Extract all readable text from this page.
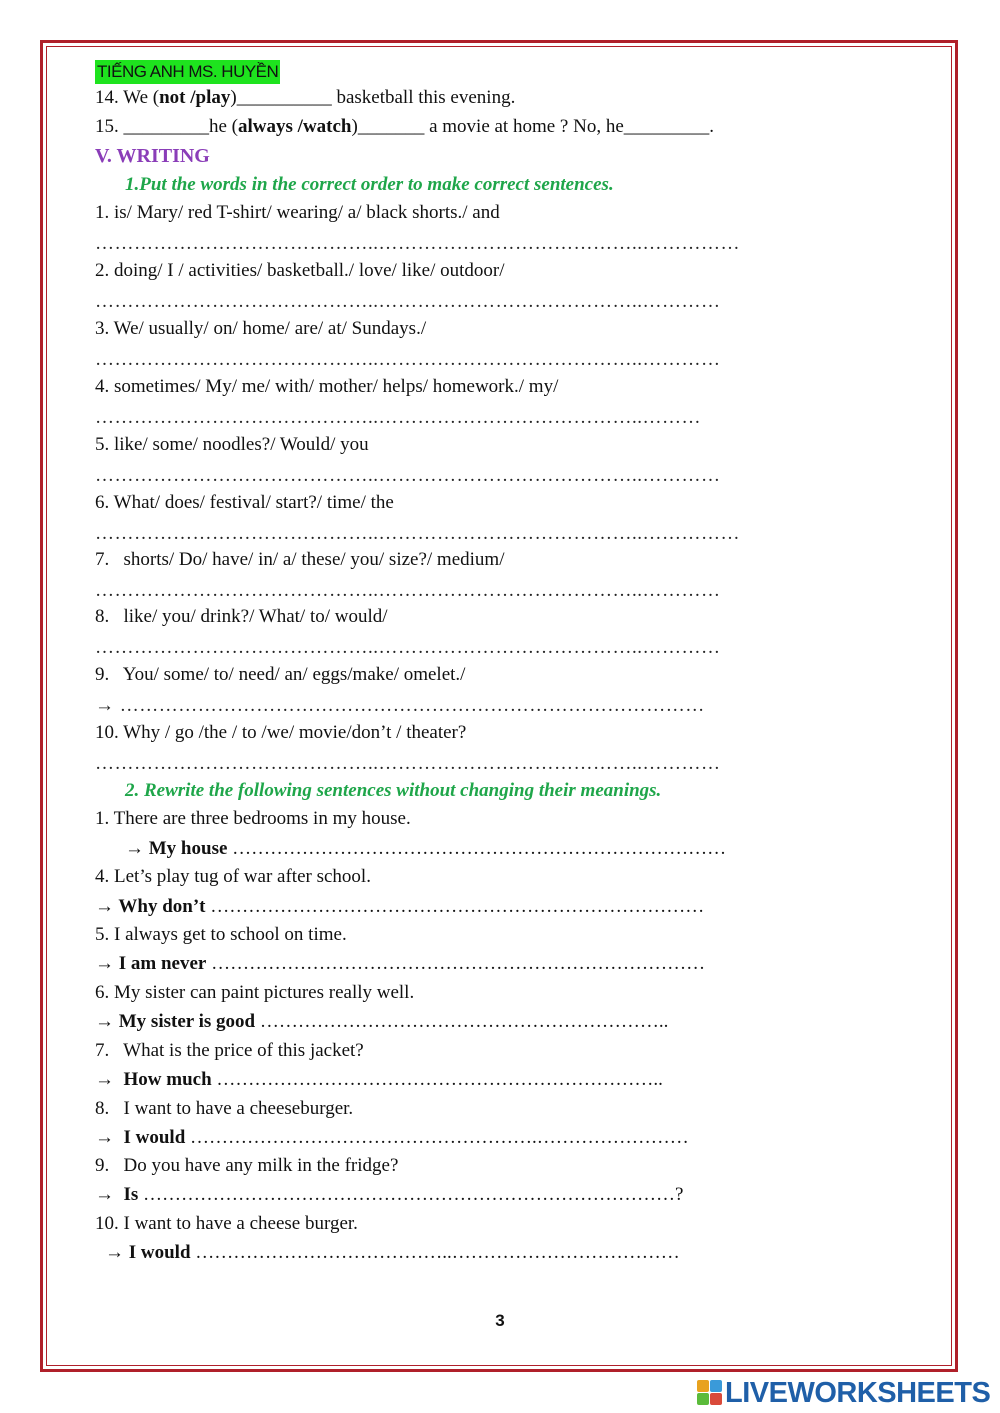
TIẾNG ANH MS. HUYỀN
14. We (not /play)__________ basketball this evening.
15. _________he (always /watch)_______ a movie at home ? No, he_________.
V. WRITING
1.Put the words in the correct order to make correct sentences.
1. is/ Mary/ red T-shirt/ wearing/ a/ black shorts./ and
……………………………………..…………………………………..……………
2. doing/ I / activities/ basketball./ love/ like/ outdoor/
……………………………………..…………………………………..…………
3. We/ usually/ on/ home/ are/ at/ Sundays./
……………………………………..…………………………………..…………
4. sometimes/ My/ me/ with/ mother/ helps/ homework./ my/
……………………………………..…………………………………..………
5. like/ some/ noodles?/ Would/ you
……………………………………..…………………………………..…………
6. What/ does/ festival/ start?/ time/ the
……………………………………..…………………………………..……………
7.   shorts/ Do/ have/ in/ a/ these/ you/ size?/ medium/
……………………………………..…………………………………..…………
8.   like/ you/ drink?/ What/ to/ would/
……………………………………..…………………………………..…………
9.   You/ some/ to/ need/ an/ eggs/make/ omelet./
→ ………………………………………………………………………………
10. Why / go /the / to /we/ movie/don’t / theater?
……………………………………..…………………………………..…………
2. Rewrite the following sentences without changing their meanings.
1. There are three bedrooms in my house.
→ My house ……………………………………………………………………
4. Let’s play tug of war after school.
→ Why don’t ……………………………………………………………………
5. I always get to school on time.
→ I am never ……………………………………………………………………
6. My sister can paint pictures really well.
→ My sister is good ………………………………………………………..
7.   What is the price of this jacket?
→  How much ……………………………………………………………..
8.   I want to have a cheeseburger.
→  I would ……………………………………………….……………………
9.   Do you have any milk in the fridge?
→  Is …………………………………………………………………………?
10. I want to have a cheese burger.
→ I would …………………………………..………………………………
3
LIVEWORKSHEETS
